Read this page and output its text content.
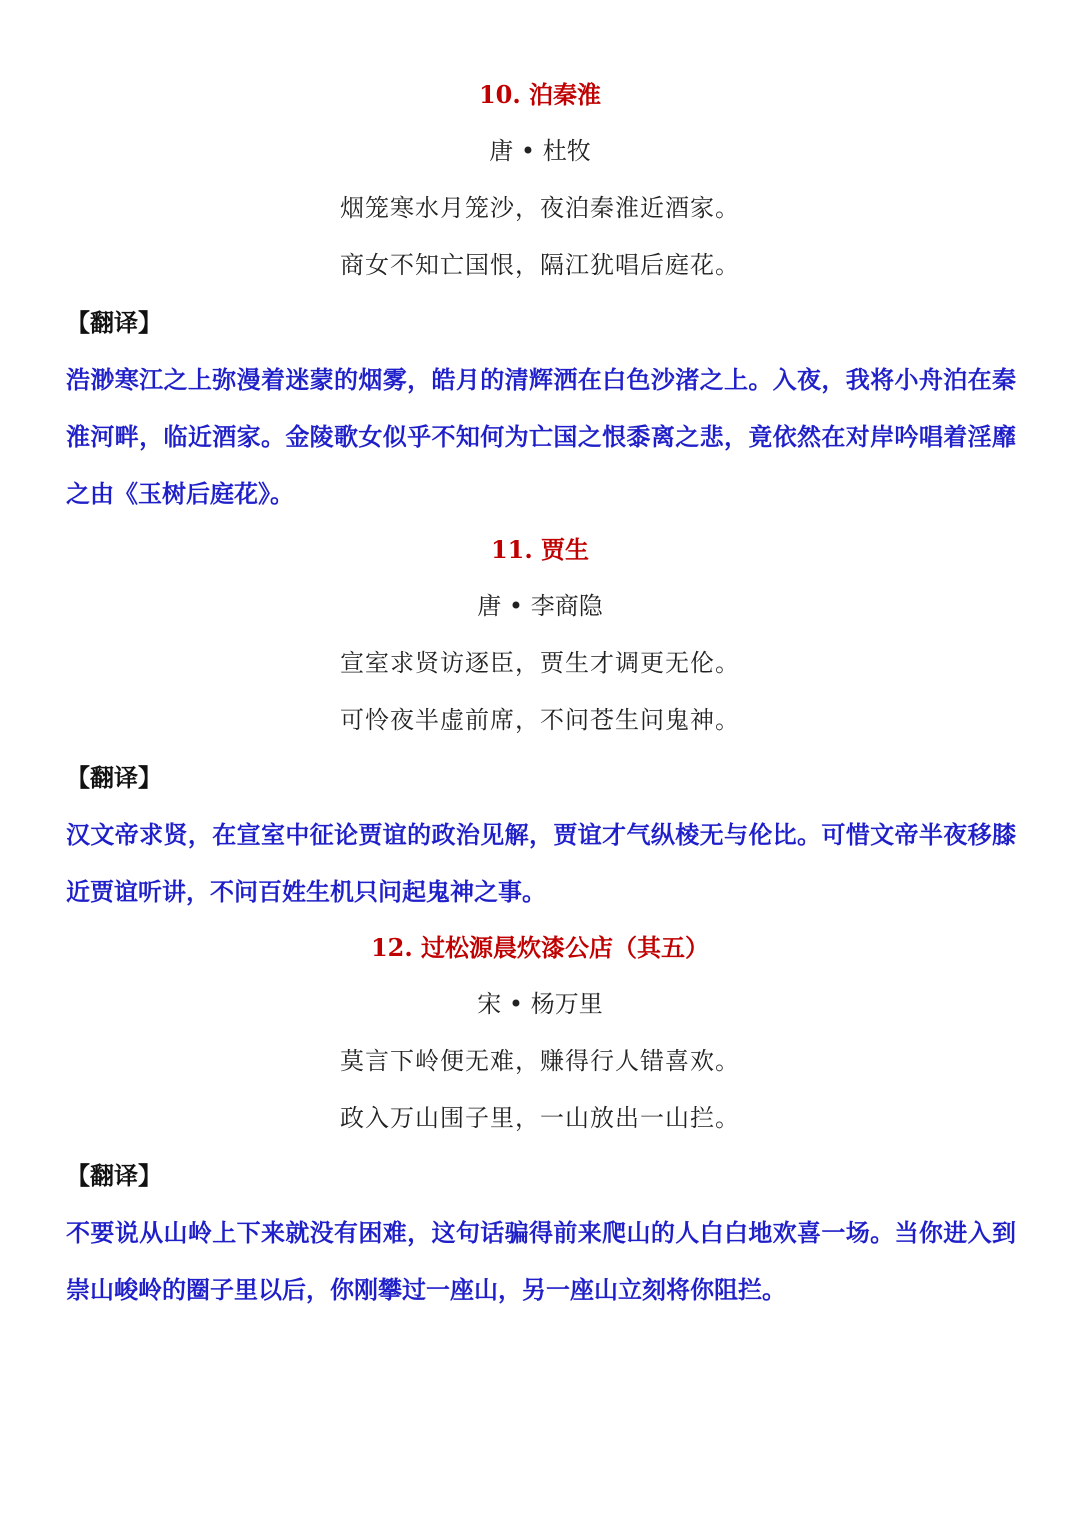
10. 泊秦淮
唐 • 杜牧
烟笼寒水月笼沙，夜泊秦淮近酒家。
商女不知亡国恨，隔江犹唱后庭花。
【翻译】
浩渺寒江之上弥漫着迷蒙的烟雾，皓月的清辉洒在白色沙渚之上。入夜，我将小舟泊在秦淮河畔，临近酒家。金陵歌女似乎不知何为亡国之恨黍离之悲，竟依然在对岸吟唱着淫靡之由《玉树后庭花》。
11. 贾生
唐 • 李商隐
宣室求贤访逐臣，贾生才调更无伦。
可怜夜半虚前席，不问苍生问鬼神。
【翻译】
汉文帝求贤，在宣室中征论贾谊的政治见解，贾谊才气纵棱无与伦比。可惜文帝半夜移膝近贾谊听讲，不问百姓生机只问起鬼神之事。
12. 过松源晨炊漆公店（其五）
宋 • 杨万里
莫言下岭便无难，赚得行人错喜欢。
政入万山围子里，一山放出一山拦。
【翻译】
不要说从山岭上下来就没有困难，这句话骗得前来爬山的人白白地欢喜一场。当你进入到崇山峻岭的圈子里以后，你刚攀过一座山，另一座山立刻将你阻拦。
